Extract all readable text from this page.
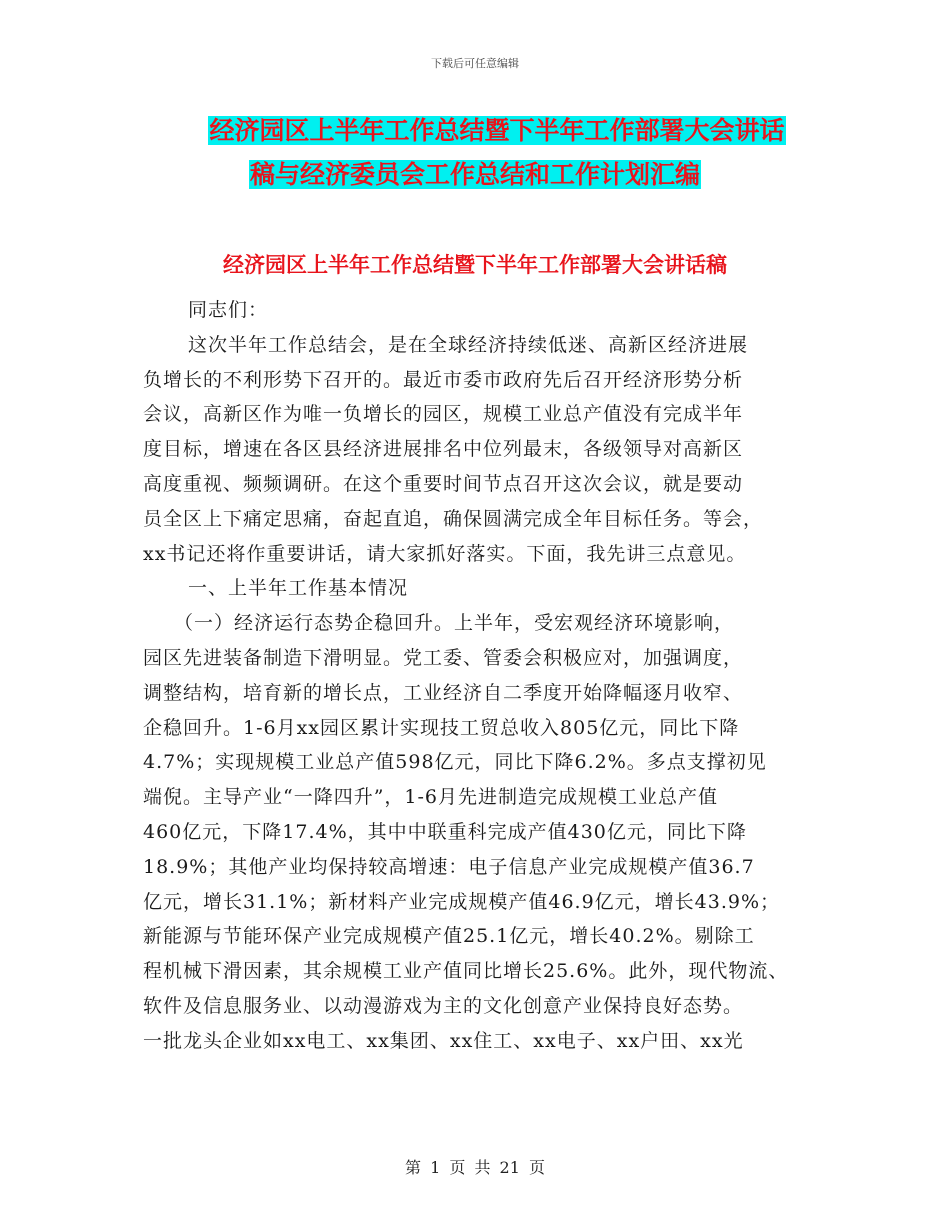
下载后可任意编辑
经济园区上半年工作总结暨下半年工作部署大会讲话
稿与经济委员会工作总结和工作计划汇编
经济园区上半年工作总结暨下半年工作部署大会讲话稿
同志们：
这次半年工作总结会，是在全球经济持续低迷、高新区经济进展
负增长的不利形势下召开的。最近市委市政府先后召开经济形势分析
会议，高新区作为唯一负增长的园区，规模工业总产值没有完成半年
度目标，增速在各区县经济进展排名中位列最末，各级领导对高新区
高度重视、频频调研。在这个重要时间节点召开这次会议，就是要动
员全区上下痛定思痛，奋起直追，确保圆满完成全年目标任务。等会，
xx书记还将作重要讲话，请大家抓好落实。下面，我先讲三点意见。
一、上半年工作基本情况
（一）经济运行态势企稳回升。上半年，受宏观经济环境影响，
园区先进装备制造下滑明显。党工委、管委会积极应对，加强调度，
调整结构，培育新的增长点，工业经济自二季度开始降幅逐月收窄、
企稳回升。1-6月xx园区累计实现技工贸总收入805亿元，同比下降
4.7%；实现规模工业总产值598亿元，同比下降6.2%。多点支撑初见
端倪。主导产业“一降四升”，1-6月先进制造完成规模工业总产值
460亿元，下降17.4%，其中中联重科完成产值430亿元，同比下降
18.9%；其他产业均保持较高增速：电子信息产业完成规模产值36.7
亿元，增长31.1%；新材料产业完成规模产值46.9亿元，增长43.9%；
新能源与节能环保产业完成规模产值25.1亿元，增长40.2%。剔除工
程机械下滑因素，其余规模工业产值同比增长25.6%。此外，现代物流、
软件及信息服务业、以动漫游戏为主的文化创意产业保持良好态势。
一批龙头企业如xx电工、xx集团、xx住工、xx电子、xx户田、xx光
第 1 页 共 21 页
